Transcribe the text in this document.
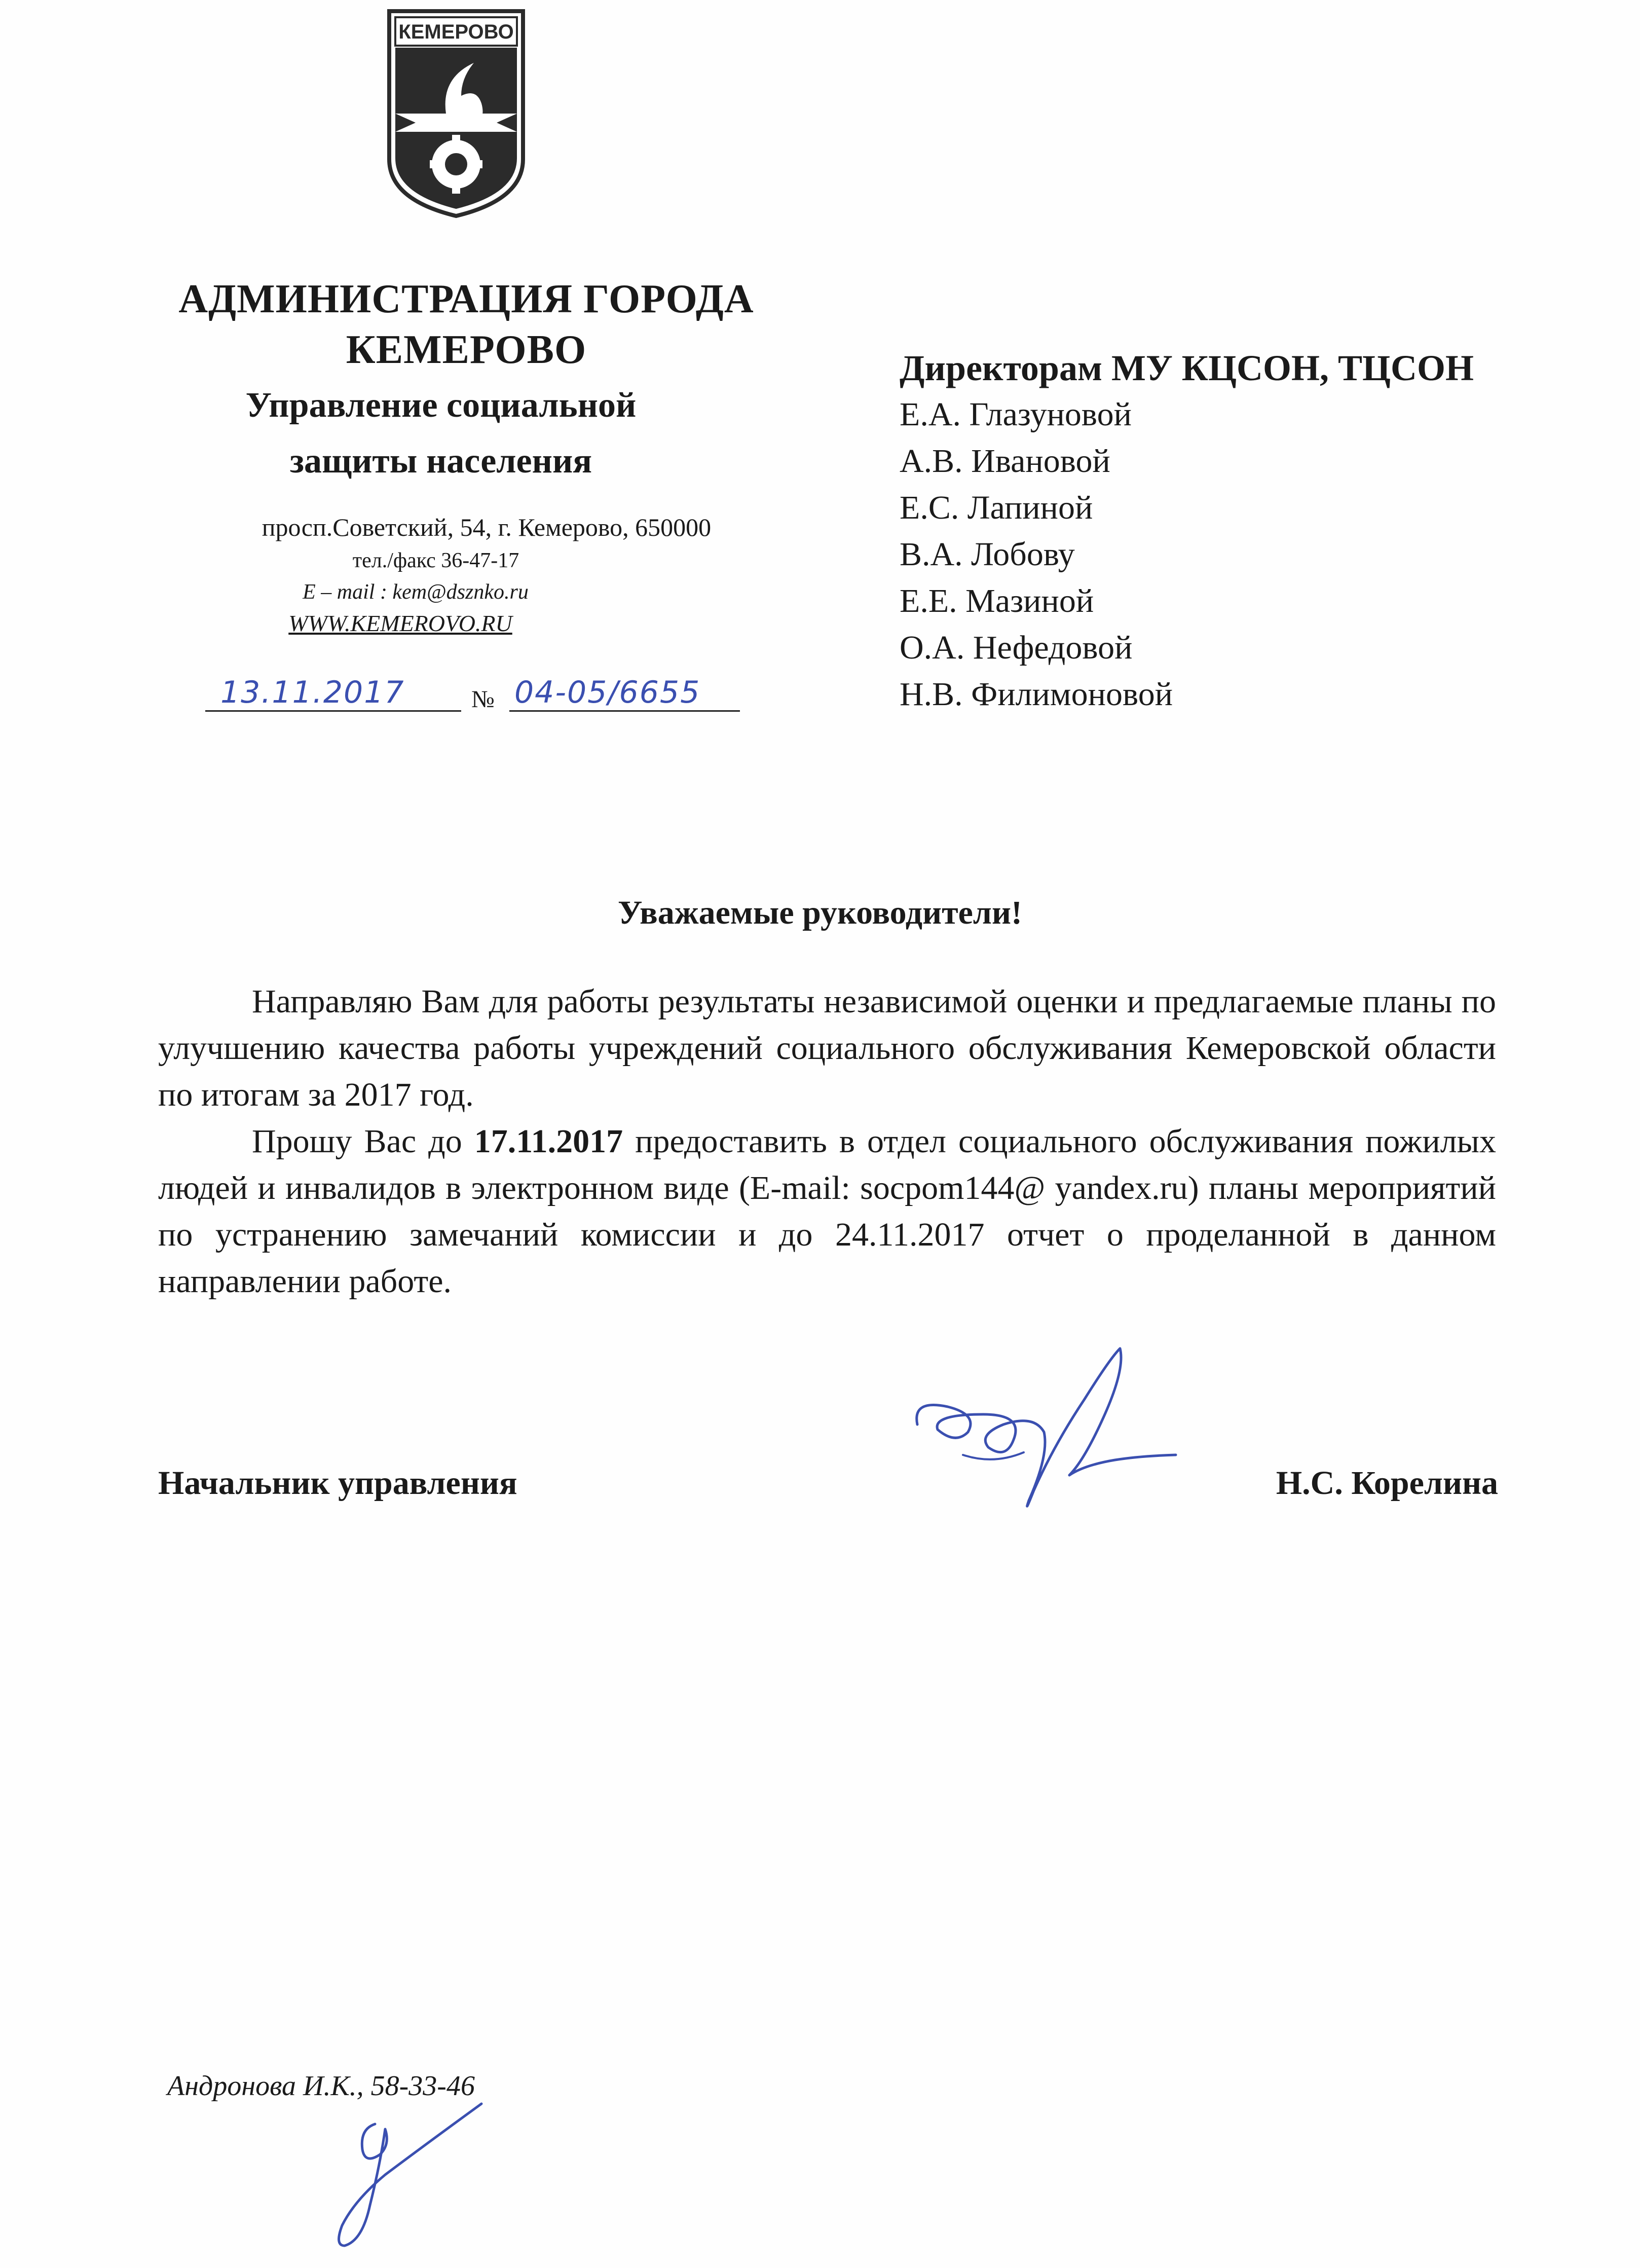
КЕМЕРОВО
АДМИНИСТРАЦИЯ ГОРОДА
КЕМЕРОВО
Управление социальной
защиты населения
просп.Советский, 54, г. Кемерово, 650000
тел./факс 36-47-17
E – mail : kem@dsznko.ru
WWW.KEMEROVO.RU
13.11.2017	№ 04-05/6655
Директорам МУ КЦСОН, ТЦСОН
Е.А. Глазуновой
А.В. Ивановой
Е.С. Лапиной
В.А. Лобову
Е.Е. Мазиной
О.А. Нефедовой
Н.В. Филимоновой
Уважаемые руководители!

Направляю Вам для работы результаты независимой оценки и предлагаемые планы по улучшению качества работы учреждений социального обслуживания Кемеровской области по итогам за 2017 год.

Прошу Вас до 17.11.2017 предоставить в отдел социального обслуживания пожилых людей и инвалидов в электронном виде (E-mail: socpom144@ yandex.ru) планы мероприятий по устранению замечаний комиссии и до 24.11.2017 отчет о проделанной в данном направлении работе.

Начальник управления	Н.С. Корелина
Андронова И.К., 58-33-46
